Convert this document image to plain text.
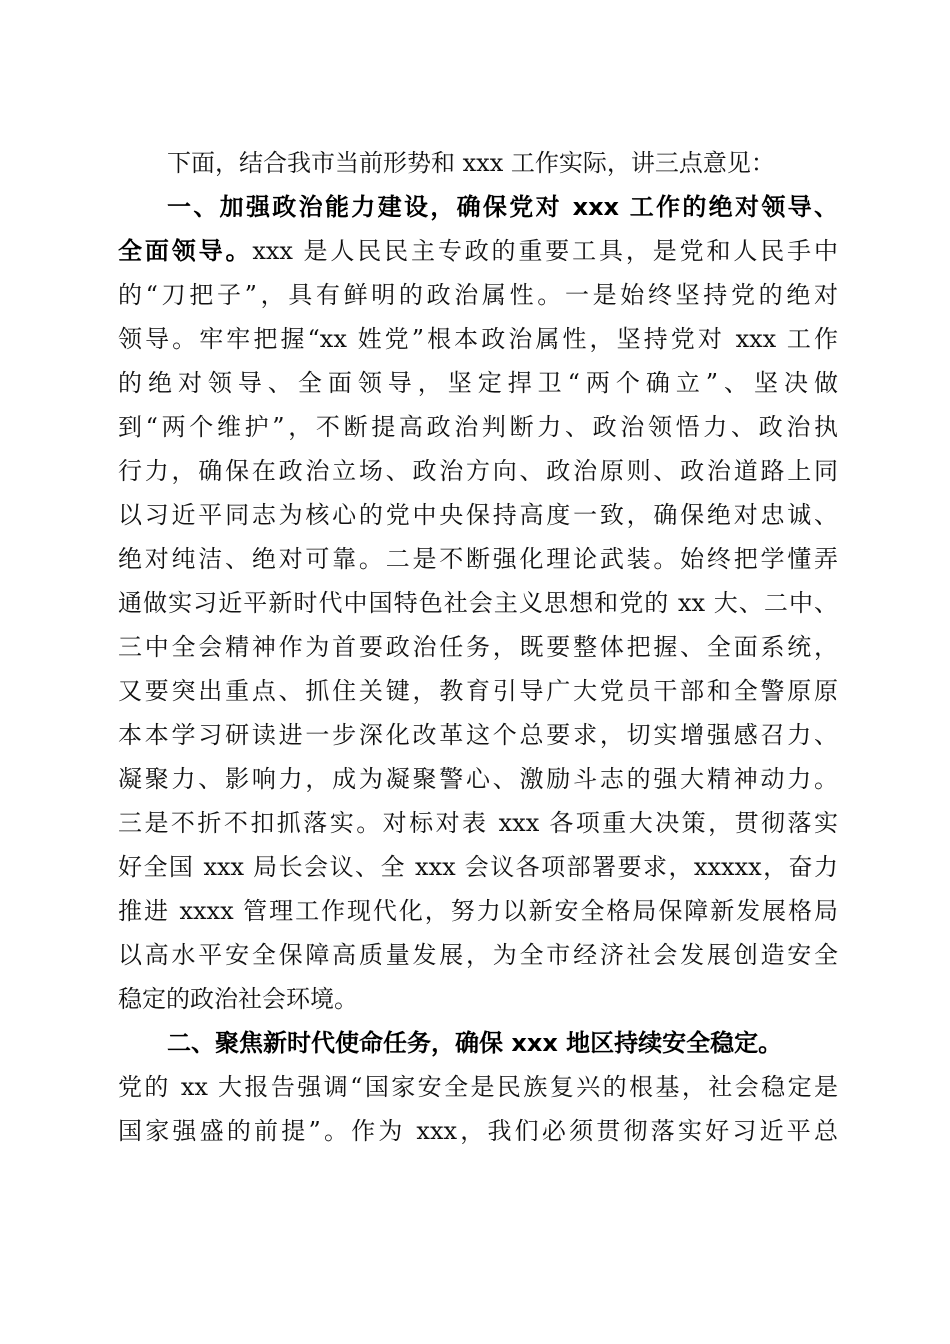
下面，结合我市当前形势和 xxx 工作实际，讲三点意见：
一、加强政治能力建设，确保党对 xxx 工作的绝对领导、
全面领导。xxx 是人民民主专政的重要工具，是党和人民手中
的“刀把子”，具有鲜明的政治属性。一是始终坚持党的绝对
领导。牢牢把握“xx 姓党”根本政治属性，坚持党对 xxx 工作
的绝对领导、全面领导，坚定捍卫“两个确立”、坚决做
到“两个维护”，不断提高政治判断力、政治领悟力、政治执
行力，确保在政治立场、政治方向、政治原则、政治道路上同
以习近平同志为核心的党中央保持高度一致，确保绝对忠诚、
绝对纯洁、绝对可靠。二是不断强化理论武装。始终把学懂弄
通做实习近平新时代中国特色社会主义思想和党的 xx 大、二中、
三中全会精神作为首要政治任务，既要整体把握、全面系统，
又要突出重点、抓住关键，教育引导广大党员干部和全警原原
本本学习研读进一步深化改革这个总要求，切实增强感召力、
凝聚力、影响力，成为凝聚警心、激励斗志的强大精神动力。
三是不折不扣抓落实。对标对表 xxx 各项重大决策，贯彻落实
好全国 xxx 局长会议、全 xxx 会议各项部署要求，xxxxx，奋力
推进 xxxx 管理工作现代化，努力以新安全格局保障新发展格局
以高水平安全保障高质量发展，为全市经济社会发展创造安全
稳定的政治社会环境。
二、聚焦新时代使命任务，确保 xxx 地区持续安全稳定。
党的 xx 大报告强调“国家安全是民族复兴的根基，社会稳定是
国家强盛的前提”。作为 xxx，我们必须贯彻落实好习近平总
